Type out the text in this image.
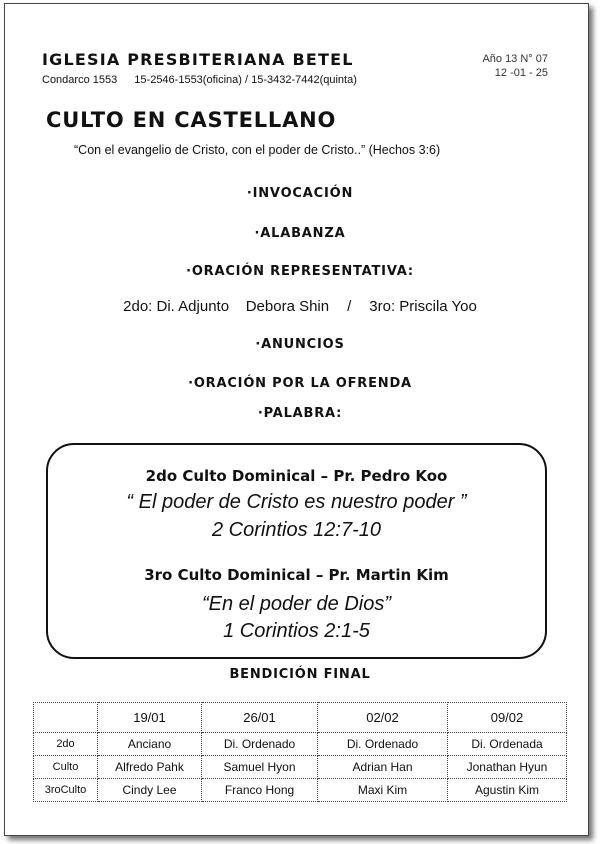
IGLESIA PRESBITERIANA BETEL
Condarco 1553 15-2546-1553(oficina) / 15-3432-7442(quinta)
Año 13 N° 07
12 -01 - 25
CULTO EN CASTELLANO
“Con el evangelio de Cristo, con el poder de Cristo..” (Hechos 3:6)
·INVOCACIÓN
·ALABANZA
·ORACIÓN REPRESENTATIVA:
2do: Di. Adjunto    Debora Shin / 3ro: Priscila Yoo
·ANUNCIOS
·ORACIÓN POR LA OFRENDA
·PALABRA:
2do Culto Dominical – Pr. Pedro Koo
“ El poder de Cristo es nuestro poder ”
2 Corintios 12:7-10
3ro Culto Dominical – Pr. Martin Kim
“En el poder de Dios”
1 Corintios 2:1-5
BENDICIÓN FINAL
	19/01	26/01	02/02	09/02
2do	Anciano	Di. Ordenado	Di. Ordenado	Di. Ordenada
Culto	Alfredo Pahk	Samuel Hyon	Adrian Han	Jonathan Hyun
3roCulto	Cindy Lee	Franco Hong	Maxi Kim	Agustin Kim
